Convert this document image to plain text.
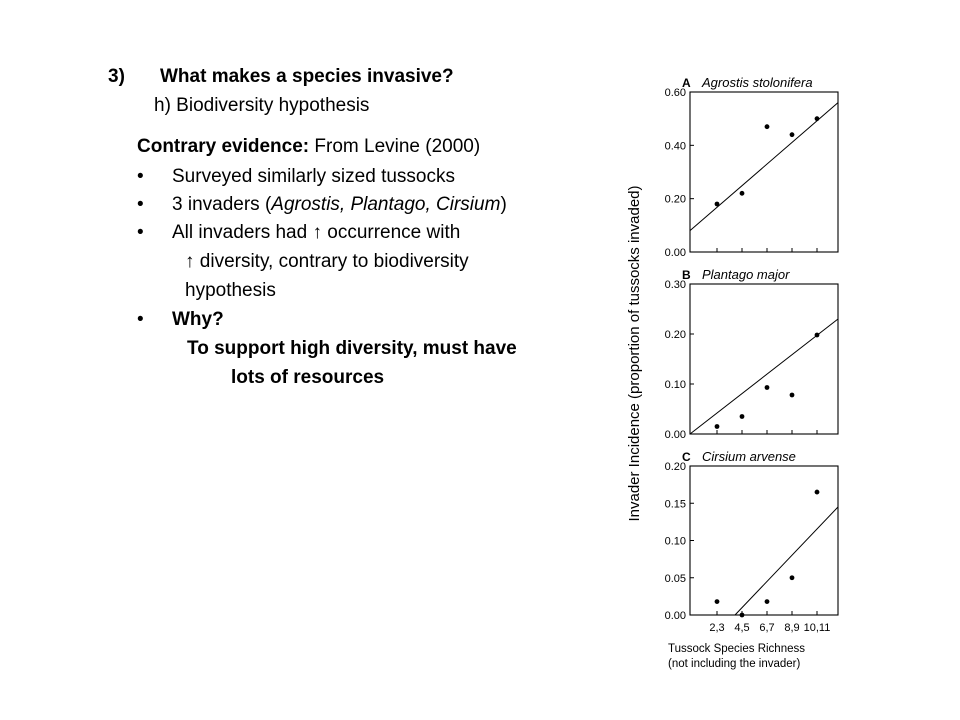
3) What makes a species invasive?
h) Biodiversity hypothesis
Contrary evidence: From Levine (2000)
• Surveyed similarly sized tussocks
• 3 invaders (Agrostis, Plantago, Cirsium)
• All invaders had ↑ occurrence with
↑ diversity, contrary to biodiversity
hypothesis
• Why?
To support high diversity, must have
lots of resources
A Agrostis stolonifera
0.00
0.20
0.40
0.60
B Plantago major
0.00
0.10
0.20
0.30
C Cirsium arvense
0.00
0.05
0.10
0.15
0.20
2,3 4,5 6,7 8,9 10,11
Invader Incidence (proportion of tussocks invaded)
Tussock Species Richness
(not including the invader)
